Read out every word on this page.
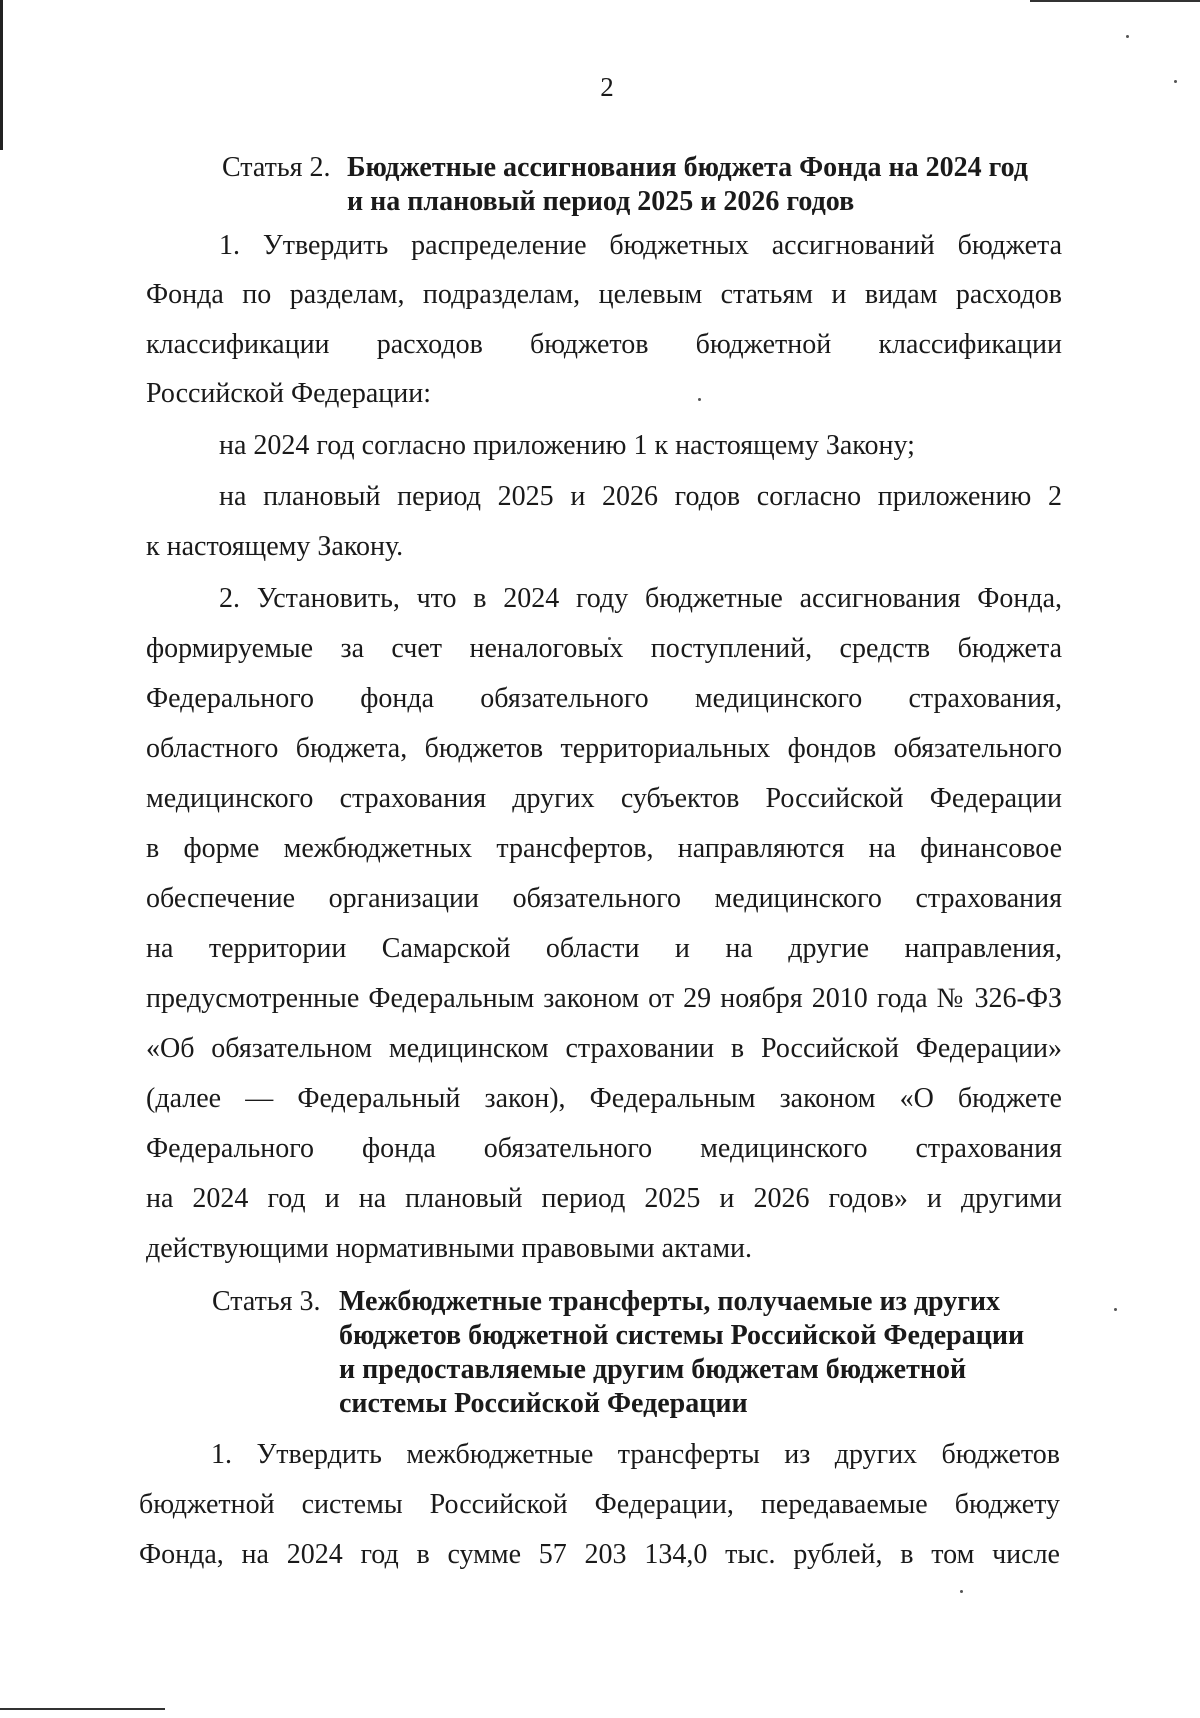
2
Статья 2. Бюджетные ассигнования бюджета Фонда на 2024 год
и на плановый период 2025 и 2026 годов
1. Утвердить распределение бюджетных ассигнований бюджета
Фонда по разделам, подразделам, целевым статьям и видам расходов
классификации расходов бюджетов бюджетной классификации
Российской Федерации:
на 2024 год согласно приложению 1 к настоящему Закону;
на плановый период 2025 и 2026 годов согласно приложению 2
к настоящему Закону.
2. Установить, что в 2024 году бюджетные ассигнования Фонда,
формируемые за счет неналоговых поступлений, средств бюджета
Федерального фонда обязательного медицинского страхования,
областного бюджета, бюджетов территориальных фондов обязательного
медицинского страхования других субъектов Российской Федерации
в форме межбюджетных трансфертов, направляются на финансовое
обеспечение организации обязательного медицинского страхования
на территории Самарской области и на другие направления,
предусмотренные Федеральным законом от 29 ноября 2010 года № 326-ФЗ
«Об обязательном медицинском страховании в Российской Федерации»
(далее — Федеральный закон), Федеральным законом «О бюджете
Федерального фонда обязательного медицинского страхования
на 2024 год и на плановый период 2025 и 2026 годов» и другими
действующими нормативными правовыми актами.
Статья 3. Межбюджетные трансферты, получаемые из других
бюджетов бюджетной системы Российской Федерации
и предоставляемые другим бюджетам бюджетной
системы Российской Федерации
1. Утвердить межбюджетные трансферты из других бюджетов
бюджетной системы Российской Федерации, передаваемые бюджету
Фонда, на 2024 год в сумме 57 203 134,0 тыс. рублей, в том числе
